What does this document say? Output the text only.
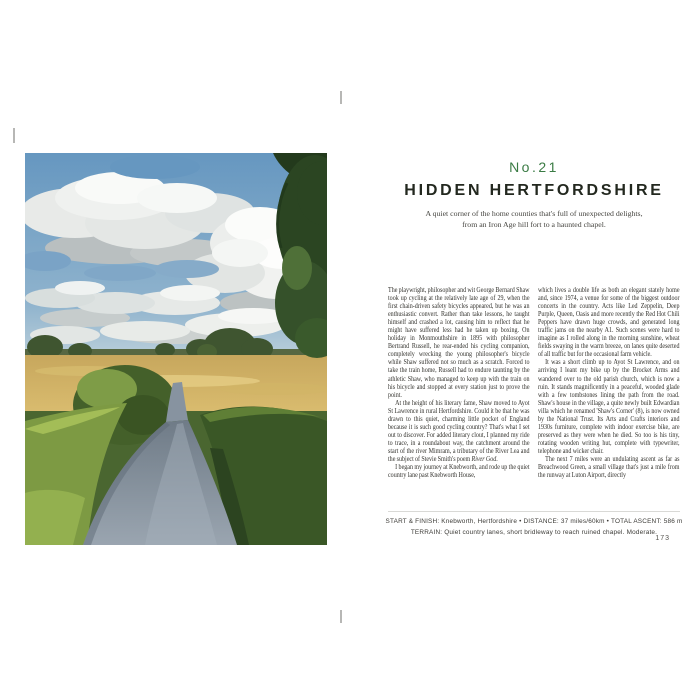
No.21
HIDDEN HERTFORDSHIRE
A quiet corner of the home counties that's full of unexpected delights,
from an Iron Age hill fort to a haunted chapel.

The playwright, philosopher and wit George Bernard Shaw took up cycling at the relatively late age of 29, when the first chain-driven safety bicycles appeared, but he was an enthusiastic convert. Rather than take lessons, he taught himself and crashed a lot, causing him to reflect that he might have suffered less had he taken up boxing. On holiday in Monmouthshire in 1895 with philosopher Bertrand Russell, he rear-ended his cycling companion, completely wrecking the young philosopher's bicycle while Shaw suffered not so much as a scratch. Forced to take the train home, Russell had to endure taunting by the athletic Shaw, who managed to keep up with the train on his bicycle and stopped at every station just to prove the point.

At the height of his literary fame, Shaw moved to Ayot St Lawrence in rural Hertfordshire. Could it be that he was drawn to this quiet, charming little pocket of England because it is such good cycling country? That's what I set out to discover. For added literary clout, I planned my ride to trace, in a roundabout way, the catchment around the start of the river Mimram, a tributary of the River Lea and the subject of Stevie Smith's poem River God.

I began my journey at Knebworth, and rode up the quiet country lane past Knebworth House,

which lives a double life as both an elegant stately home and, since 1974, a venue for some of the biggest outdoor concerts in the country. Acts like Led Zeppelin, Deep Purple, Queen, Oasis and more recently the Red Hot Chili Peppers have drawn huge crowds, and generated long traffic jams on the nearby A1. Such scenes were hard to imagine as I rolled along in the morning sunshine, wheat fields swaying in the warm breeze, on lanes quite deserted of all traffic but for the occasional farm vehicle.

It was a short climb up to Ayot St Lawrence, and on arriving I leant my bike up by the Brocket Arms and wandered over to the old parish church, which is now a ruin. It stands magnificently in a peaceful, wooded glade with a few tombstones lining the path from the road. Shaw's house in the village, a quite newly built Edwardian villa which he renamed 'Shaw's Corner' (8), is now owned by the National Trust. Its Arts and Crafts interiors and 1930s furniture, complete with indoor exercise bike, are preserved as they were when he died. So too is his tiny, rotating wooden writing hut, complete with typewriter, telephone and wicker chair.

The next 7 miles were an undulating ascent as far as Breachwood Green, a small village that's just a mile from the runway at Luton Airport, directly

START & FINISH: Knebworth, Hertfordshire • DISTANCE: 37 miles/60km • TOTAL ASCENT: 586 m
TERRAIN: Quiet country lanes, short bridleway to reach ruined chapel. Moderate.
173
